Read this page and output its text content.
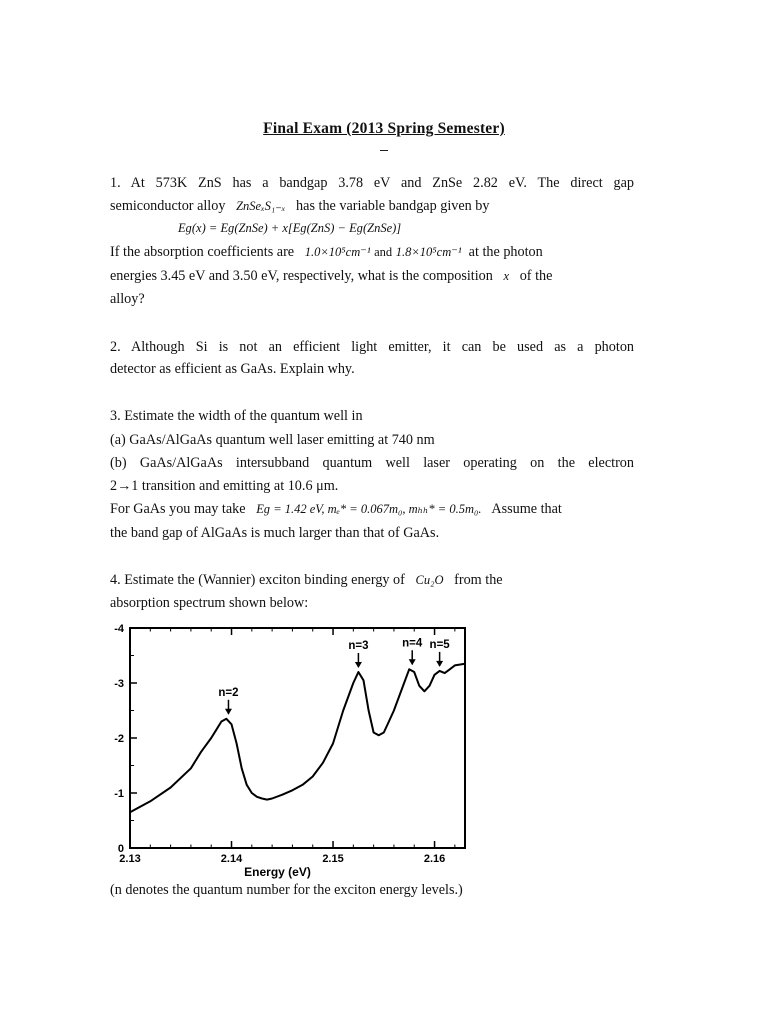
Final Exam (2013 Spring Semester)
1. At 573K ZnS has a bandgap 3.78 eV and ZnSe 2.82 eV. The direct gap
semiconductor alloy ZnSeₓS₁₋ₓ has the variable bandgap given by
Eɡ(x) = Eɡ(ZnSe) + x[Eɡ(ZnS) − Eɡ(ZnSe)]
If the absorption coefficients are 1.0×10⁵cm⁻¹ and 1.8×10⁵cm⁻¹ at the photon
energies 3.45 eV and 3.50 eV, respectively, what is the composition x of the
alloy?
2. Although Si is not an efficient light emitter, it can be used as a photon
detector as efficient as GaAs. Explain why.
3. Estimate the width of the quantum well in
(a) GaAs/AlGaAs quantum well laser emitting at 740 nm
(b) GaAs/AlGaAs intersubband quantum well laser operating on the electron
2→1 transition and emitting at 10.6 μm.
For GaAs you may take Eɡ = 1.42 eV, mₑ* = 0.067m₀, mₕₕ* = 0.5m₀. Assume that
the band gap of AlGaAs is much larger than that of GaAs.
4. Estimate the (Wannier) exciton binding energy of Cu₂O from the
absorption spectrum shown below:
0
-1
-2
-3
-4
2.13	2.14	2.15	2.16
Energy (eV)
n=2
n=3	n=4 n=5
(n denotes the quantum number for the exciton energy levels.)
